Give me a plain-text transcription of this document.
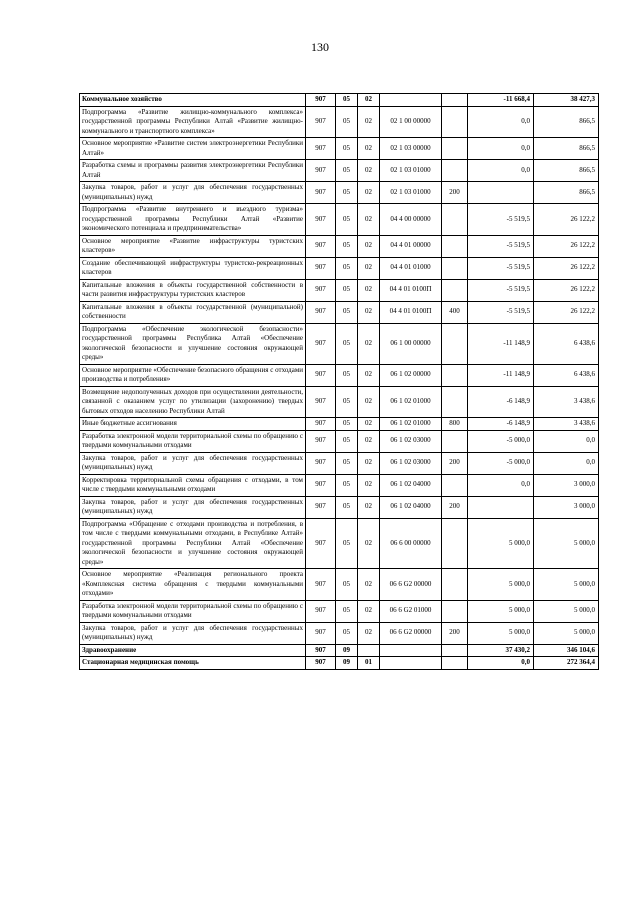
130
Коммунальное хозяйство	907	05	02			-11 668,4	38 427,3
Подпрограмма «Развитие жилищно-коммунального комплекса» государственной программы Республики Алтай «Развитие жилищно-коммунального и транспортного комплекса»	907	05	02	02 1 00 00000		0,0	866,5
Основное мероприятие «Развитие систем электроэнергетики Республики Алтай»	907	05	02	02 1 03 00000		0,0	866,5
Разработка схемы и программы развития электроэнергетики Республики Алтай	907	05	02	02 1 03 01000		0,0	866,5
Закупка товаров, работ и услуг для обеспечения государственных (муниципальных) нужд	907	05	02	02 1 03 01000	200		866,5
Подпрограмма «Развитие внутреннего и въездного туризма» государственной программы Республики Алтай «Развитие экономического потенциала и предпринимательства»	907	05	02	04 4 00 00000		-5 519,5	26 122,2
Основное мероприятие «Развитие инфраструктуры туристских кластеров»	907	05	02	04 4 01 00000		-5 519,5	26 122,2
Создание обеспечивающей инфраструктуры туристско-рекреационных кластеров	907	05	02	04 4 01 01000		-5 519,5	26 122,2
Капитальные вложения в объекты государственной собственности в части развития инфраструктуры туристских кластеров	907	05	02	04 4 01 0100П		-5 519,5	26 122,2
Капитальные вложения в объекты государственной (муниципальной) собственности	907	05	02	04 4 01 0100П	400	-5 519,5	26 122,2
Подпрограмма «Обеспечение экологической безопасности» государственной программы Республика Алтай «Обеспечение экологической безопасности и улучшение состояния окружающей среды»	907	05	02	06 1 00 00000		-11 148,9	6 438,6
Основное мероприятие «Обеспечение безопасного обращения с отходами производства и потребления»	907	05	02	06 1 02 00000		-11 148,9	6 438,6
Возмещение недополученных доходов при осуществлении деятельности, связанной с оказанием услуг по утилизации (захоронению) твердых бытовых отходов населению Республики Алтай	907	05	02	06 1 02 01000		-6 148,9	3 438,6
Иные бюджетные ассигнования	907	05	02	06 1 02 01000	800	-6 148,9	3 438,6
Разработка электронной модели территориальной схемы по обращению с твердыми коммунальными отходами	907	05	02	06 1 02 03000		-5 000,0	0,0
Закупка товаров, работ и услуг для обеспечения государственных (муниципальных) нужд	907	05	02	06 1 02 03000	200	-5 000,0	0,0
Корректировка территориальной схемы обращения с отходами, в том числе с твердыми коммунальными отходами	907	05	02	06 1 02 04000		0,0	3 000,0
Закупка товаров, работ и услуг для обеспечения государственных (муниципальных) нужд	907	05	02	06 1 02 04000	200		3 000,0
Подпрограмма «Обращение с отходами производства и потребления, в том числе с твердыми коммунальными отходами, в Республике Алтай» государственной программы Республики Алтай «Обеспечение экологической безопасности и улучшение состояния окружающей среды»	907	05	02	06 6 00 00000		5 000,0	5 000,0
Основное мероприятие «Реализация регионального проекта «Комплексная система обращения с твердыми коммунальными отходами»	907	05	02	06 6 G2 00000		5 000,0	5 000,0
Разработка электронной модели территориальной схемы по обращению с твердыми коммунальными отходами	907	05	02	06 6 G2 01000		5 000,0	5 000,0
Закупка товаров, работ и услуг для обеспечения государственных (муниципальных) нужд	907	05	02	06 6 G2 00000	200	5 000,0	5 000,0
Здравоохранение	907	09				37 430,2	346 104,6
Стационарная медицинская помощь	907	09	01			0,0	272 364,4
